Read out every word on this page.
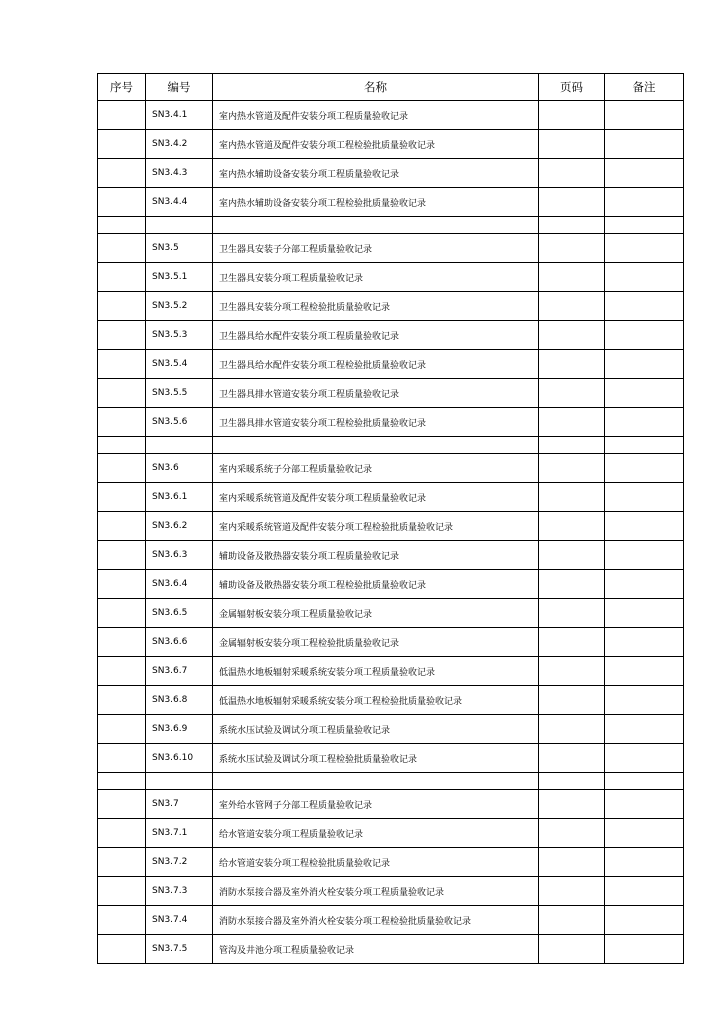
序号	编号	名称	页码	备注
	SN3.4.1	室内热水管道及配件安装分项工程质量验收记录		
	SN3.4.2	室内热水管道及配件安装分项工程检验批质量验收记录		
	SN3.4.3	室内热水辅助设备安装分项工程质量验收记录		
	SN3.4.4	室内热水辅助设备安装分项工程检验批质量验收记录		

	SN3.5	卫生器具安装子分部工程质量验收记录		
	SN3.5.1	卫生器具安装分项工程质量验收记录		
	SN3.5.2	卫生器具安装分项工程检验批质量验收记录		
	SN3.5.3	卫生器具给水配件安装分项工程质量验收记录		
	SN3.5.4	卫生器具给水配件安装分项工程检验批质量验收记录		
	SN3.5.5	卫生器具排水管道安装分项工程质量验收记录		
	SN3.5.6	卫生器具排水管道安装分项工程检验批质量验收记录		

	SN3.6	室内采暖系统子分部工程质量验收记录		
	SN3.6.1	室内采暖系统管道及配件安装分项工程质量验收记录		
	SN3.6.2	室内采暖系统管道及配件安装分项工程检验批质量验收记录		
	SN3.6.3	辅助设备及散热器安装分项工程质量验收记录		
	SN3.6.4	辅助设备及散热器安装分项工程检验批质量验收记录		
	SN3.6.5	金属辐射板安装分项工程质量验收记录		
	SN3.6.6	金属辐射板安装分项工程检验批质量验收记录		
	SN3.6.7	低温热水地板辐射采暖系统安装分项工程质量验收记录		
	SN3.6.8	低温热水地板辐射采暖系统安装分项工程检验批质量验收记录		
	SN3.6.9	系统水压试验及调试分项工程质量验收记录		
	SN3.6.10	系统水压试验及调试分项工程检验批质量验收记录		

	SN3.7	室外给水管网子分部工程质量验收记录		
	SN3.7.1	给水管道安装分项工程质量验收记录		
	SN3.7.2	给水管道安装分项工程检验批质量验收记录		
	SN3.7.3	消防水泵接合器及室外消火栓安装分项工程质量验收记录		
	SN3.7.4	消防水泵接合器及室外消火栓安装分项工程检验批质量验收记录		
	SN3.7.5	管沟及井池分项工程质量验收记录		
